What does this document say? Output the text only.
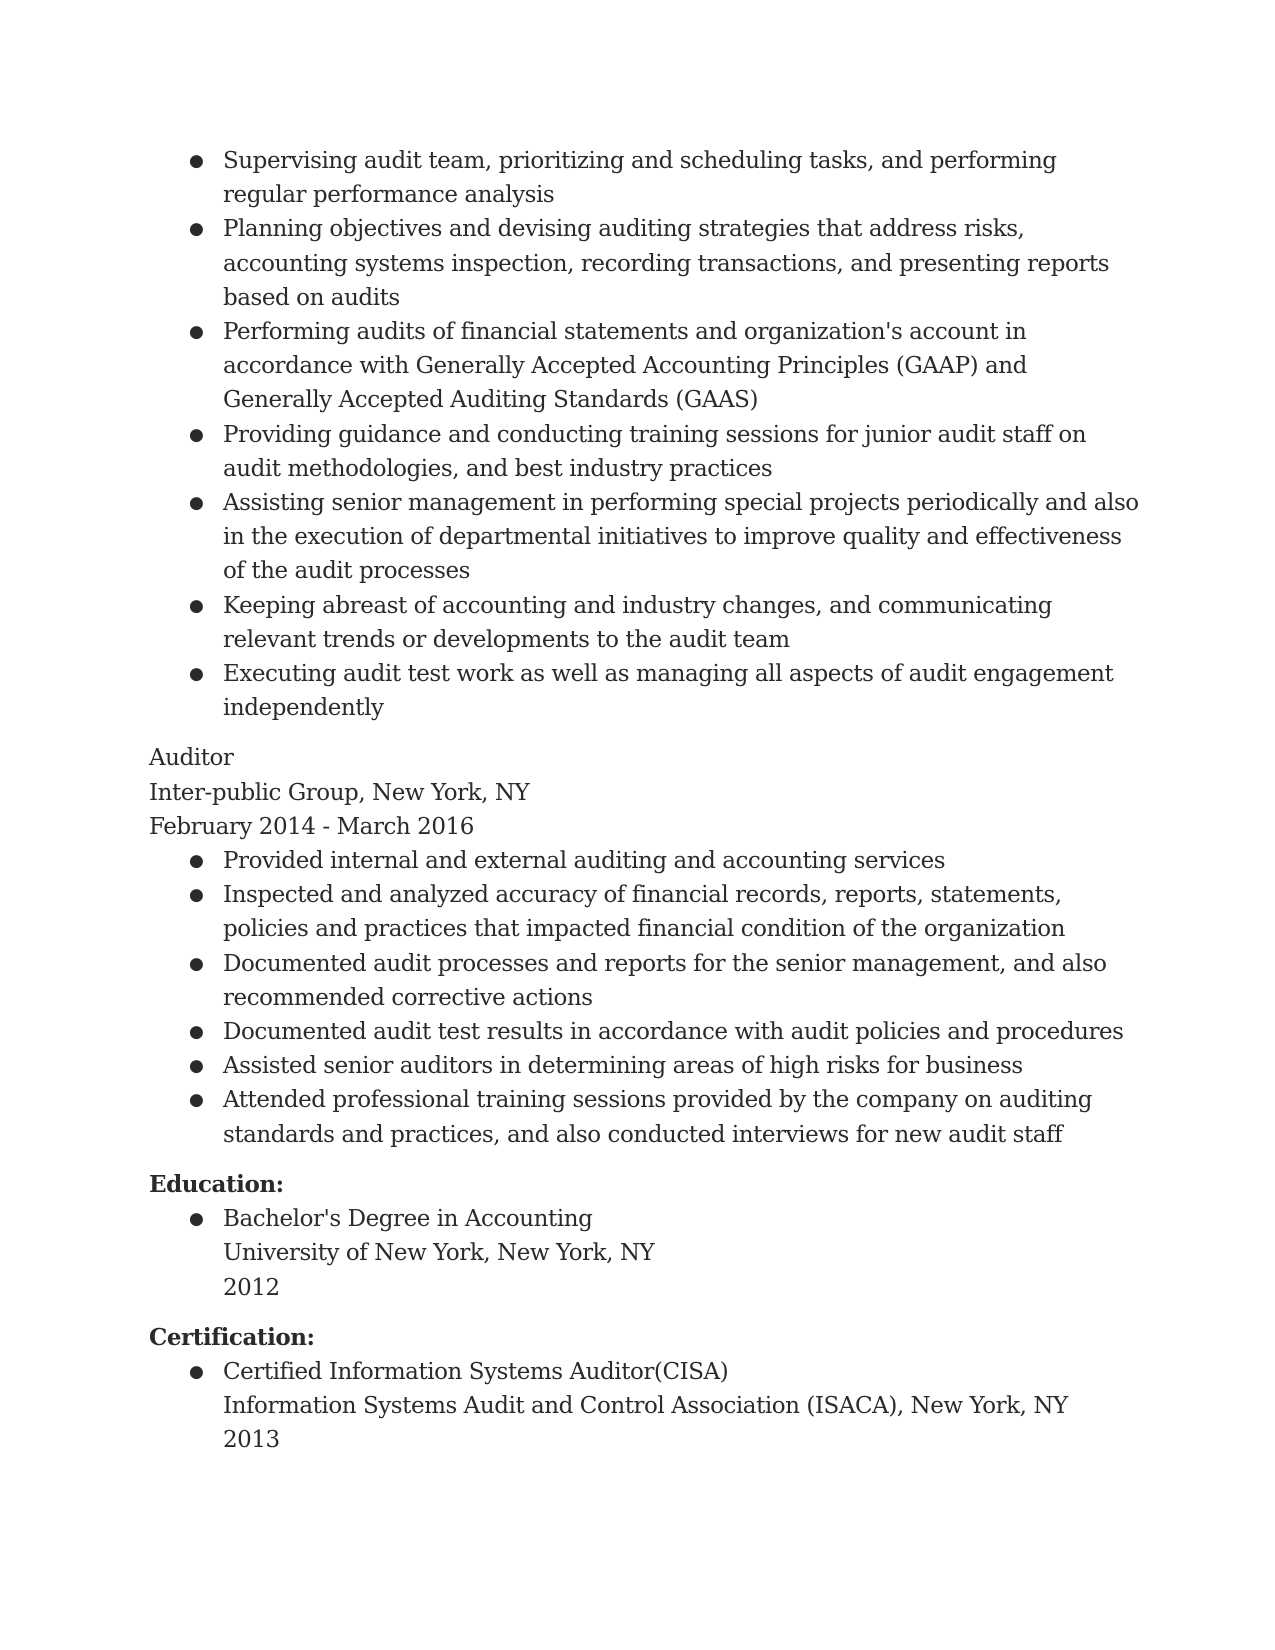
● Supervising audit team, prioritizing and scheduling tasks, and performing regular performance analysis
● Planning objectives and devising auditing strategies that address risks, accounting systems inspection, recording transactions, and presenting reports based on audits
● Performing audits of financial statements and organization's account in accordance with Generally Accepted Accounting Principles (GAAP) and Generally Accepted Auditing Standards (GAAS)
● Providing guidance and conducting training sessions for junior audit staff on audit methodologies, and best industry practices
● Assisting senior management in performing special projects periodically and also in the execution of departmental initiatives to improve quality and effectiveness of the audit processes
● Keeping abreast of accounting and industry changes, and communicating relevant trends or developments to the audit team
● Executing audit test work as well as managing all aspects of audit engagement independently
Auditor
Inter-public Group, New York, NY
February 2014 - March 2016
● Provided internal and external auditing and accounting services
● Inspected and analyzed accuracy of financial records, reports, statements, policies and practices that impacted financial condition of the organization
● Documented audit processes and reports for the senior management, and also recommended corrective actions
● Documented audit test results in accordance with audit policies and procedures
● Assisted senior auditors in determining areas of high risks for business
● Attended professional training sessions provided by the company on auditing standards and practices, and also conducted interviews for new audit staff
Education:
● Bachelor's Degree in Accounting
University of New York, New York, NY
2012
Certification:
● Certified Information Systems Auditor(CISA)
Information Systems Audit and Control Association (ISACA), New York, NY
2013
